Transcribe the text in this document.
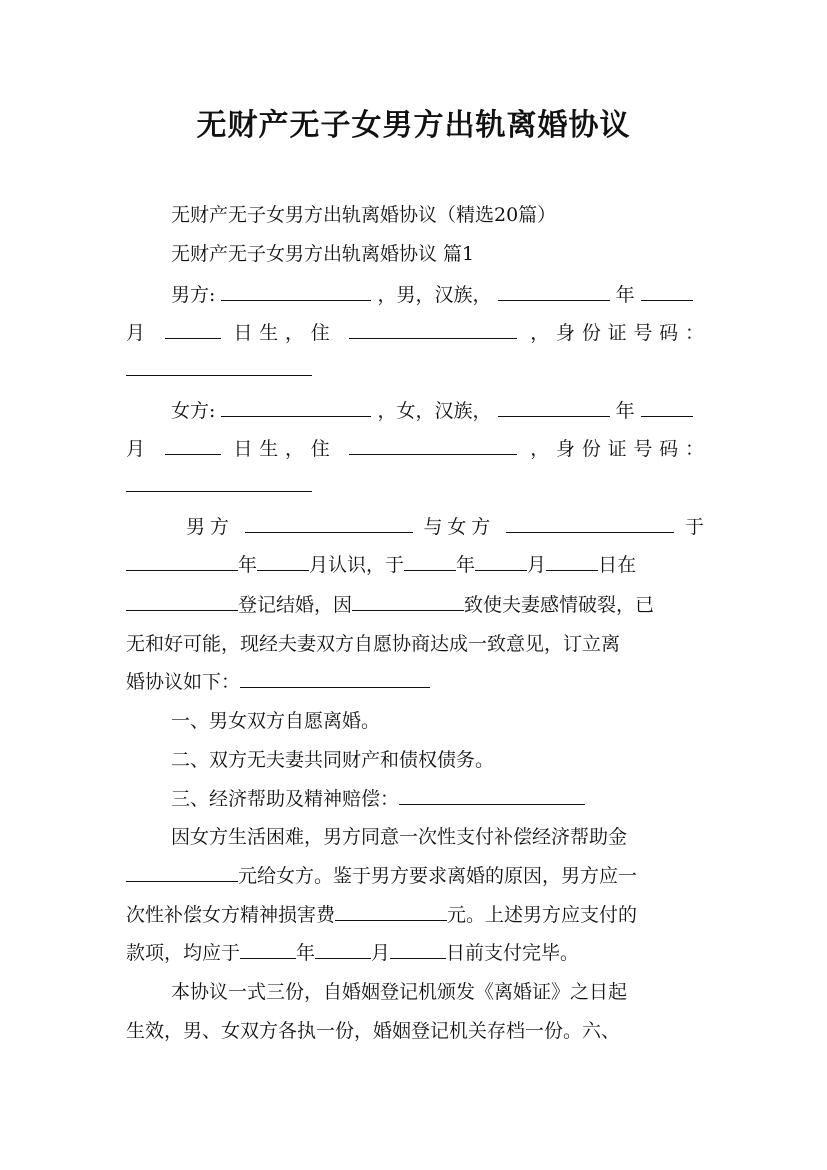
无财产无子女男方出轨离婚协议
无财产无子女男方出轨离婚协议（精选20篇）
无财产无子女男方出轨离婚协议 篇1
男方:	，男，汉族，	年
月	日生，住	，身份证号码：
女方:	，女，汉族，	年
月	日生，住	，身份证号码：
男方	与女方	于
年	月认识，于	年	月	日在
登记结婚，因	致使夫妻感情破裂，已
无和好可能，现经夫妻双方自愿协商达成一致意见，订立离
婚协议如下：
一、男女双方自愿离婚。
二、双方无夫妻共同财产和债权债务。
三、经济帮助及精神赔偿：
因女方生活困难，男方同意一次性支付补偿经济帮助金
元给女方。鉴于男方要求离婚的原因，男方应一
次性补偿女方精神损害费	元。上述男方应支付的
款项，均应于	年	月	日前支付完毕。
本协议一式三份，自婚姻登记机颁发《离婚证》之日起
生效，男、女双方各执一份，婚姻登记机关存档一份。六、
